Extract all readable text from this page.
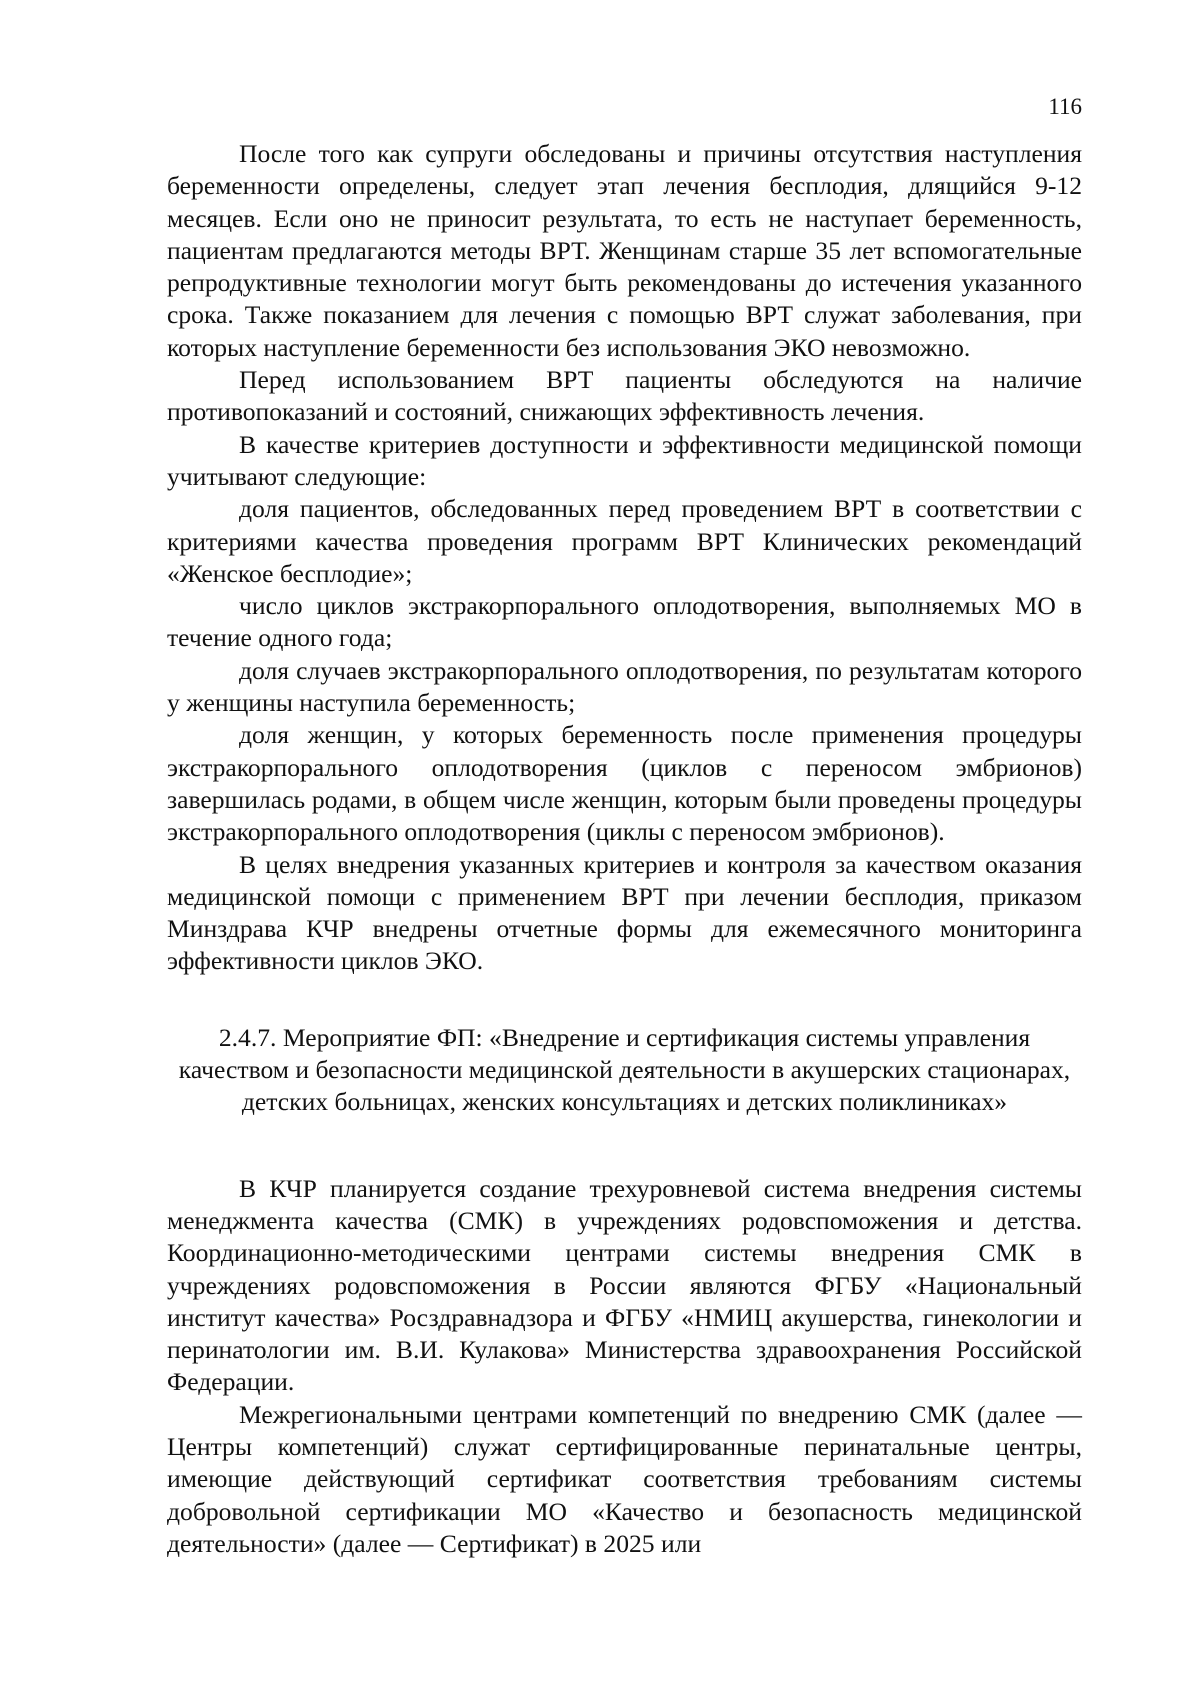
116

После того как супруги обследованы и причины отсутствия наступления беременности определены, следует этап лечения бесплодия, длящийся 9-12 месяцев. Если оно не приносит результата, то есть не наступает беременность, пациентам предлагаются методы ВРТ. Женщинам старше 35 лет вспомогательные репродуктивные технологии могут быть рекомендованы до истечения указанного срока. Также показанием для лечения с помощью ВРТ служат заболевания, при которых наступление беременности без использования ЭКО невозможно.

Перед использованием ВРТ пациенты обследуются на наличие противопоказаний и состояний, снижающих эффективность лечения.

В качестве критериев доступности и эффективности медицинской помощи учитывают следующие:

доля пациентов, обследованных перед проведением ВРТ в соответствии с критериями качества проведения программ ВРТ Клинических рекомендаций «Женское бесплодие»;

число циклов экстракорпорального оплодотворения, выполняемых МО в течение одного года;

доля случаев экстракорпорального оплодотворения, по результатам которого у женщины наступила беременность;

доля женщин, у которых беременность после применения процедуры экстракорпорального оплодотворения (циклов с переносом эмбрионов) завершилась родами, в общем числе женщин, которым были проведены процедуры экстракорпорального оплодотворения (циклы с переносом эмбрионов).

В целях внедрения указанных критериев и контроля за качеством оказания медицинской помощи с применением ВРТ при лечении бесплодия, приказом Минздрава КЧР внедрены отчетные формы для ежемесячного мониторинга эффективности циклов ЭКО.

2.4.7. Мероприятие ФП: «Внедрение и сертификация системы управления качеством и безопасности медицинской деятельности в акушерских стационарах, детских больницах, женских консультациях и детских поликлиниках»

В КЧР планируется создание трехуровневой система внедрения системы менеджмента качества (СМК) в учреждениях родовспоможения и детства. Координационно-методическими центрами системы внедрения СМК в учреждениях родовспоможения в России являются ФГБУ «Национальный институт качества» Росздравнадзора и ФГБУ «НМИЦ акушерства, гинекологии и перинатологии им. В.И. Кулакова» Министерства здравоохранения Российской Федерации.

Межрегиональными центрами компетенций по внедрению СМК (далее — Центры компетенций) служат сертифицированные перинатальные центры, имеющие действующий сертификат соответствия требованиям системы добровольной сертификации МО «Качество и безопасность медицинской деятельности» (далее — Сертификат) в 2025 или
